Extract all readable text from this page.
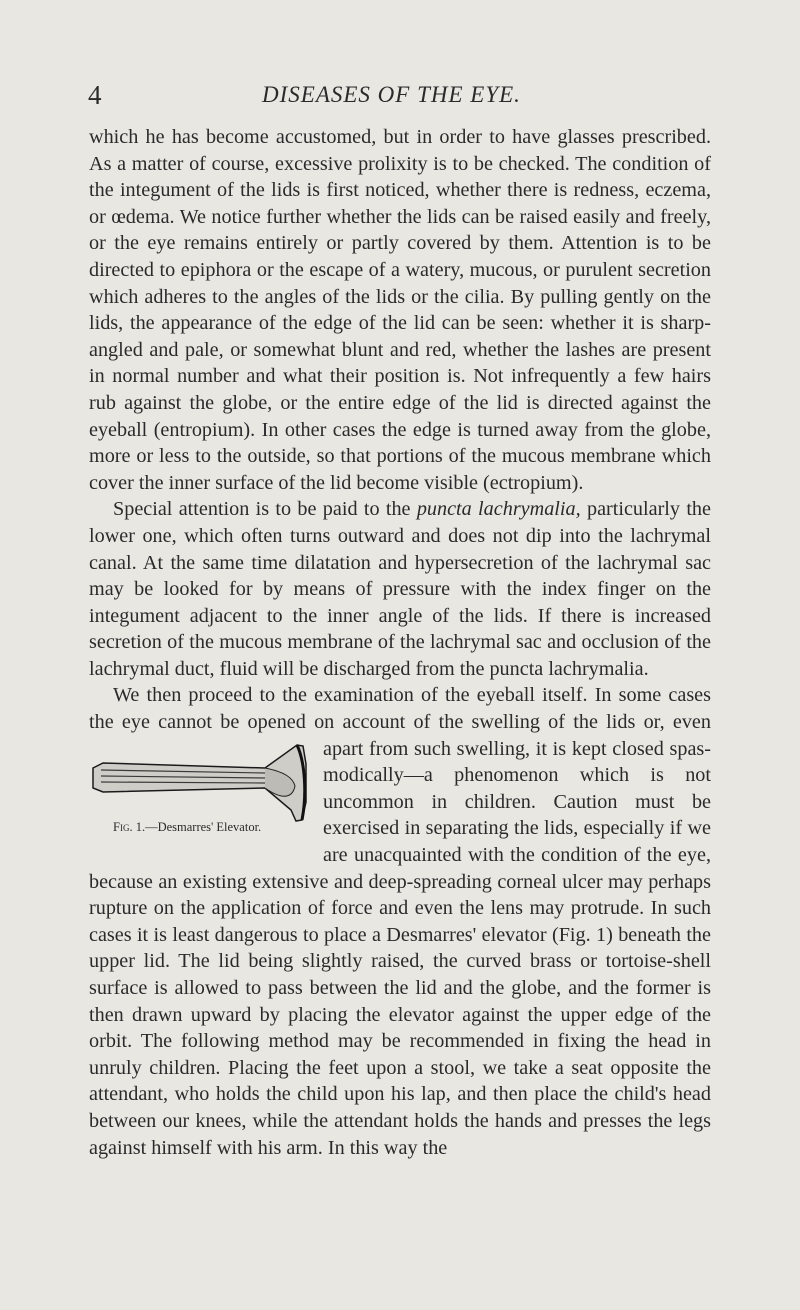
4	DISEASES OF THE EYE.

which he has become accustomed, but in order to have glasses prescribed. As a matter of course, excessive prolixity is to be checked. The condition of the integument of the lids is first noticed, whether there is redness, eczema, or œdema. We notice further whether the lids can be raised easily and freely, or the eye remains entirely or partly covered by them. Attention is to be directed to epiphora or the escape of a watery, mucous, or purulent secretion which adheres to the angles of the lids or the cilia. By pulling gently on the lids, the appearance of the edge of the lid can be seen: whether it is sharp-angled and pale, or somewhat blunt and red, whether the lashes are present in normal number and what their position is. Not infrequently a few hairs rub against the globe, or the entire edge of the lid is directed against the eyeball (entropium). In other cases the edge is turned away from the globe, more or less to the outside, so that portions of the mucous membrane which cover the inner surface of the lid become visible (ectropium).

Special attention is to be paid to the puncta lachrymalia, particularly the lower one, which often turns outward and does not dip into the lachrymal canal. At the same time dilatation and hypersecretion of the lachrymal sac may be looked for by means of pressure with the index finger on the integument adjacent to the inner angle of the lids. If there is increased secretion of the mucous membrane of the lachrymal sac and occlusion of the lachrymal duct, fluid will be discharged from the puncta lachrymalia.

We then proceed to the examination of the eyeball itself. In some cases the eye cannot be opened on account of the swelling of the lids or, even apart from such swelling, it is kept closed spas-
Fig. 1.—Desmarres' Elevator.
modically—a phenomenon which is not uncommon in children. Caution must be exercised in separating the lids, especially if we are unacquainted with the condition of the eye, because an existing extensive and deep-spreading corneal ulcer may perhaps rupture on the application of force and even the lens may protrude. In such cases it is least dangerous to place a Desmarres' elevator (Fig. 1) beneath the upper lid. The lid being slightly raised, the curved brass or tortoise-shell surface is allowed to pass between the lid and the globe, and the former is then drawn upward by placing the elevator against the upper edge of the orbit. The following method may be recommended in fixing the head in unruly children. Placing the feet upon a stool, we take a seat opposite the attendant, who holds the child upon his lap, and then place the child's head between our knees, while the attendant holds the hands and presses the legs against himself with his arm. In this way the
